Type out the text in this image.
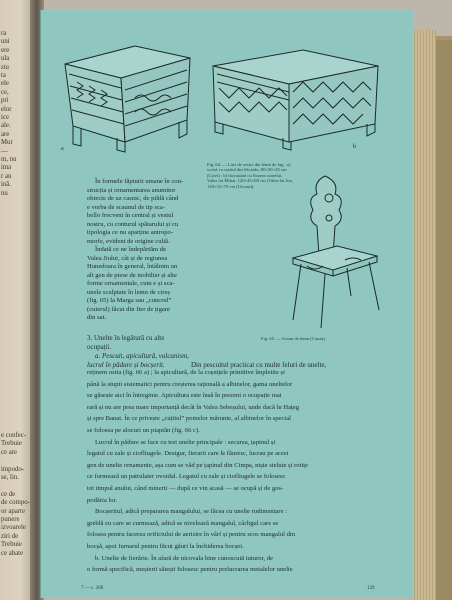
ra
uni
ere
ula
stu
ta
ele
ce,
pri
elor
ice
ale.
are
Mur
—
m, nu
ima
r au
ină.
nu
e confec-
Trebuie
ce are
impodo-
se, lin.
ce de
de compo-
or aparte
punere
izvoarele
ziri de
Trebuie
ce abate
a	b
Fig. 64. — Lăzi de zestre din lemn de fag : a) scrisă cu cuțitul din Săcărâu, 80×50×45 cm (Cicei) ; b) încrustată cu floarea soarelui, Valea lui Mihai, 120×45×68 cm (Valea lui Ion, 130×52×70 cm (Uioara)).
Fig. 65. — Scaun de lemn (Cunaș).
În formele făpturii umane în con-
strucția și ornamentarea anumitor
obiecte de uz casnic, de pildă când
e vorba de scaunul de tip sca-
bello frecvent în central și vestul
nostru, cu conturul spătarului și cu
tipologia ce nu aparține antropo-
morfe, evident de origine cultă.
Îndată ce ne îndepărtăm de
Valea Jiului, cât și de regiunea
Hunedoara în general, întâlnim un
alt gen de piese de mobilier și alte
forme ornamentale, cum e și sca-
unele sculptate în lemn de cireș
(fig. 65) la Marga sau „cuncrul”
(cuierul) făcut din fier de țigani
din sat.
3. Unelte în legătură cu alte
ocupații.
a. Pescuit, apicultură, vulcanism,
lucrul în pădure și bocșerit.	Din pescuitul practicat cu multe feluri de unelte,
reținem ostia (fig. 66 a) ; la apicultură, de la coșnițele primitive împletite și
până la stupii sistematici pentru creșterea rațională a albinelor, gama uneltelor
se găsește aici în întregime. Apicultura este însă în prezent o ocupație mai
rară și nu are prea mare importanță decât în Valea Sebeșului, unde dacă în Hațeg
și spre Banat. În ce privește „cuțitul” pomelor mărunte, al albinelor în special
se folosea pe alocuri un piaptăn (fig. 66 c).
Lucrul în pădure se face cu trei unelte principale : securea, țapinul și
legatul cu zale și ciofliugele. Desigur, fierarii care le făuresc, lucrau pe acest
gen de unelte ornamente, așa cum se văd pe țapinul din Cimpa, niște stelute și rotițe
ce formează un patrulater ovoidal. Legatul cu zale și ciofliugele se folosesc
tot timpul anului, când minerii — după ce vin acasă — se ocupă și de gos-
podăria lor.
Bocșeritul, adică prepararea mangalului, se făcea cu unelte rudimentare :
greblă cu care se curmează, adică se nivelează mangalul, cârligul care se
folosea pentru facerea orificiului de aerisire în vârf și pentru scos mangalul din
bocșă, apoi furnarul pentru făcut găuri la închiderea bocșei.
b. Unelte de fierărie. În afară de nicovala bine cunoscută tuturor, de
o formă specifică, meșterii sătești folosesc pentru prelucrarea metalelor unelte
7 — c. 300	129
